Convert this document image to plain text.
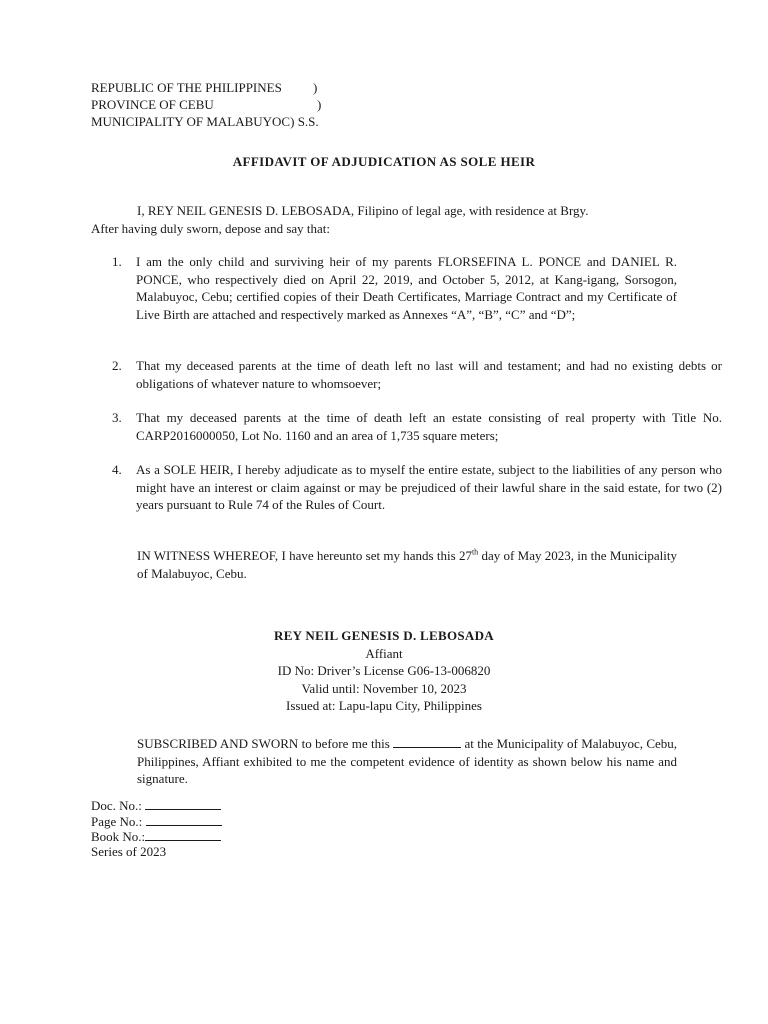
REPUBLIC OF THE PHILIPPINES )
PROVINCE OF CEBU	)
MUNICIPALITY OF MALABUYOC) S.S.
AFFIDAVIT OF ADJUDICATION AS SOLE HEIR
I, REY NEIL GENESIS D. LEBOSADA, Filipino of legal age, with residence at Brgy.
After having duly sworn, depose and say that:
1. I am the only child and surviving heir of my parents FLORSEFINA L. PONCE and DANIEL R. PONCE, who respectively died on April 22, 2019, and October 5, 2012, at Kang-igang, Sorsogon, Malabuyoc, Cebu; certified copies of their Death Certificates, Marriage Contract and my Certificate of Live Birth are attached and respectively marked as Annexes “A”, “B”, “C” and “D”;
2. That my deceased parents at the time of death left no last will and testament; and had no existing debts or obligations of whatever nature to whomsoever;
3. That my deceased parents at the time of death left an estate consisting of real property with Title No. CARP2016000050, Lot No. 1160 and an area of 1,735 square meters;
4. As a SOLE HEIR, I hereby adjudicate as to myself the entire estate, subject to the liabilities of any person who might have an interest or claim against or may be prejudiced of their lawful share in the said estate, for two (2) years pursuant to Rule 74 of the Rules of Court.
IN WITNESS WHEREOF, I have hereunto set my hands this 27th day of May 2023, in the Municipality of Malabuyoc, Cebu.
REY NEIL GENESIS D. LEBOSADA
Affiant
ID No: Driver’s License G06-13-006820
Valid until: November 10, 2023
Issued at: Lapu-lapu City, Philippines
SUBSCRIBED AND SWORN to before me this	at the Municipality of Malabuyoc, Cebu, Philippines, Affiant exhibited to me the competent evidence of identity as shown below his name and signature.
Doc. No.:
Page No.:
Book No.:
Series of 2023
